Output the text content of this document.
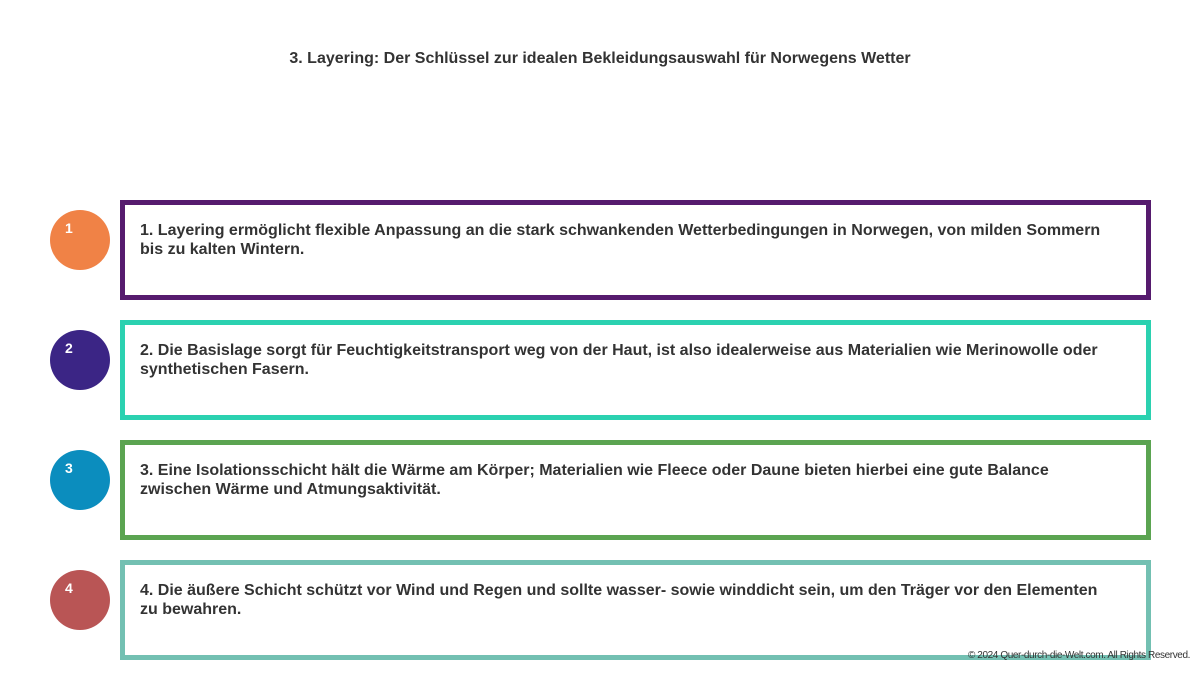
3. Layering: Der Schlüssel zur idealen Bekleidungsauswahl für Norwegens Wetter
1	1. Layering ermöglicht flexible Anpassung an die stark schwankenden Wetterbedingungen in Norwegen, von milden Sommern bis zu kalten Wintern.
2	2. Die Basislage sorgt für Feuchtigkeitstransport weg von der Haut, ist also idealerweise aus Materialien wie Merinowolle oder synthetischen Fasern.
3	3. Eine Isolationsschicht hält die Wärme am Körper; Materialien wie Fleece oder Daune bieten hierbei eine gute Balance zwischen Wärme und Atmungsaktivität.
4	4. Die äußere Schicht schützt vor Wind und Regen und sollte wasser- sowie winddicht sein, um den Träger vor den Elementen zu bewahren.
© 2024 Quer-durch-die-Welt.com. All Rights Reserved.
